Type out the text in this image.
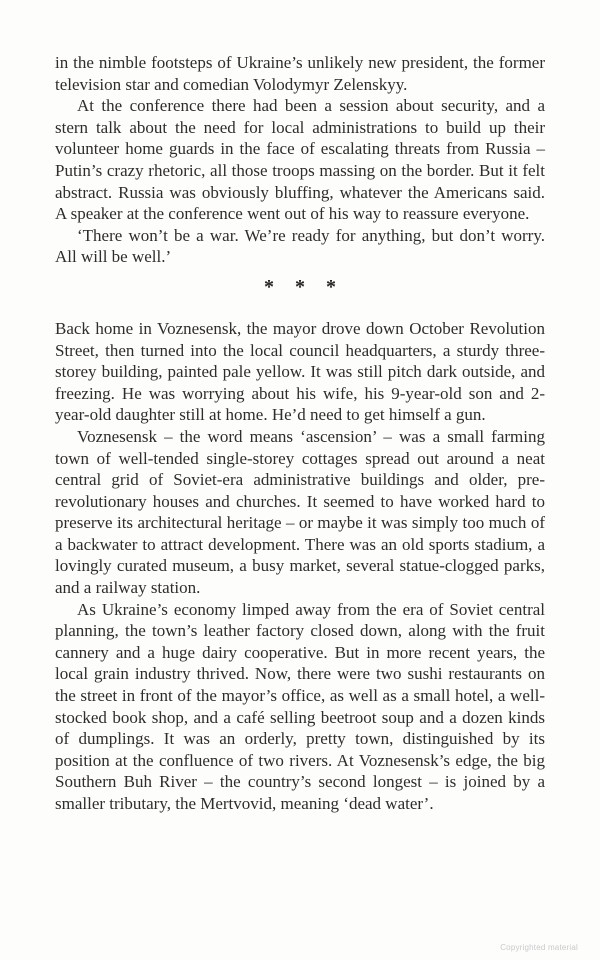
in the nimble footsteps of Ukraine’s unlikely new president, the former television star and comedian Volodymyr Zelenskyy.

At the conference there had been a session about security, and a stern talk about the need for local administrations to build up their volunteer home guards in the face of escalating threats from Russia – Putin’s crazy rhetoric, all those troops massing on the border. But it felt abstract. Russia was obviously bluffing, whatever the Americans said. A speaker at the conference went out of his way to reassure everyone.

‘There won’t be a war. We’re ready for anything, but don’t worry. All will be well.’

* * *

Back home in Voznesensk, the mayor drove down October Revolution Street, then turned into the local council headquarters, a sturdy three-storey building, painted pale yellow. It was still pitch dark outside, and freezing. He was worrying about his wife, his 9-year-old son and 2-year-old daughter still at home. He’d need to get himself a gun.

Voznesensk – the word means ‘ascension’ – was a small farming town of well-tended single-storey cottages spread out around a neat central grid of Soviet-era administrative buildings and older, pre-revolutionary houses and churches. It seemed to have worked hard to preserve its architectural heritage – or maybe it was simply too much of a backwater to attract development. There was an old sports stadium, a lovingly curated museum, a busy market, several statue-clogged parks, and a railway station.

As Ukraine’s economy limped away from the era of Soviet central planning, the town’s leather factory closed down, along with the fruit cannery and a huge dairy cooperative. But in more recent years, the local grain industry thrived. Now, there were two sushi restaurants on the street in front of the mayor’s office, as well as a small hotel, a well-stocked book shop, and a café selling beetroot soup and a dozen kinds of dumplings. It was an orderly, pretty town, distinguished by its position at the confluence of two rivers. At Voznesensk’s edge, the big Southern Buh River – the country’s second longest – is joined by a smaller tributary, the Mertvovid, meaning ‘dead water’.

Copyrighted material
